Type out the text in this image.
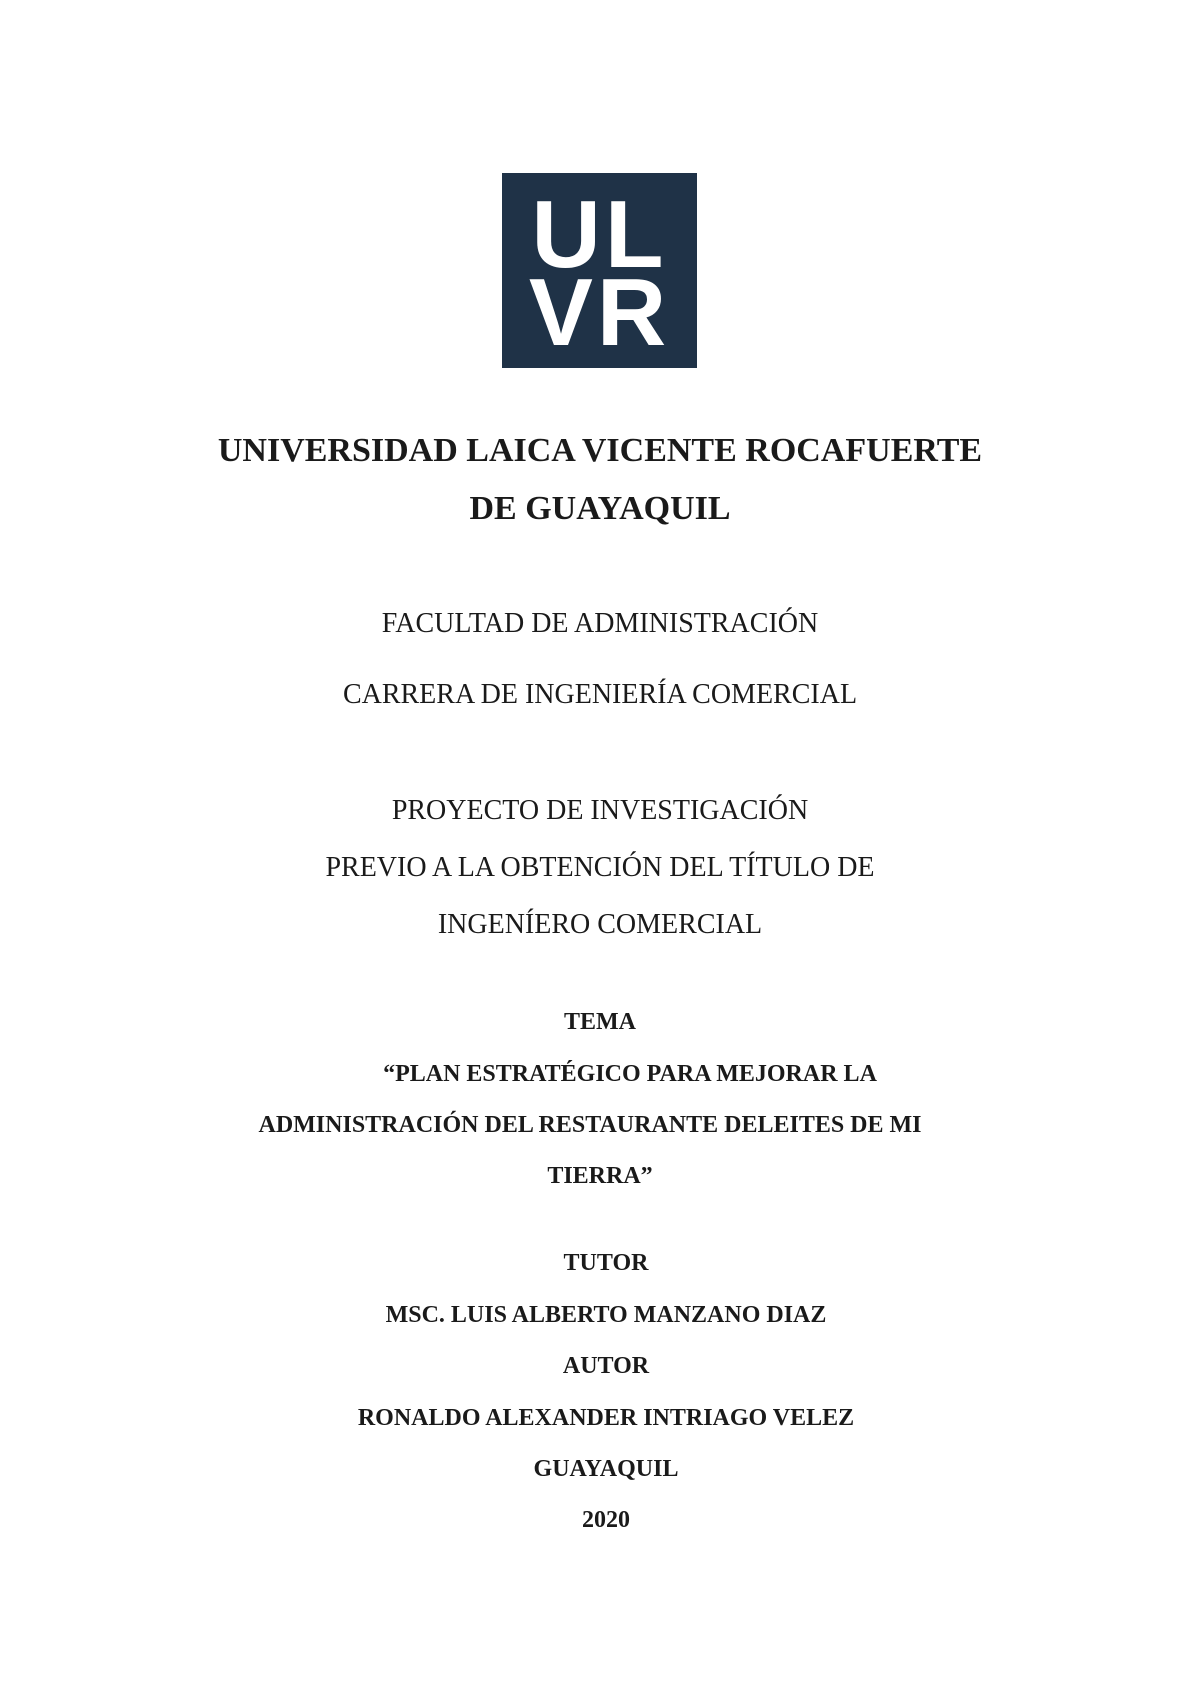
UL
VR
UNIVERSIDAD LAICA VICENTE ROCAFUERTE
DE GUAYAQUIL
FACULTAD DE ADMINISTRACIÓN
CARRERA DE INGENIERÍA COMERCIAL
PROYECTO DE INVESTIGACIÓN
PREVIO A LA OBTENCIÓN DEL TÍTULO DE
INGENÍERO COMERCIAL
TEMA
“PLAN ESTRATÉGICO PARA MEJORAR LA
ADMINISTRACIÓN DEL RESTAURANTE DELEITES DE MI
TIERRA”
TUTOR
MSC. LUIS ALBERTO MANZANO DIAZ
AUTOR
RONALDO ALEXANDER INTRIAGO VELEZ
GUAYAQUIL
2020
